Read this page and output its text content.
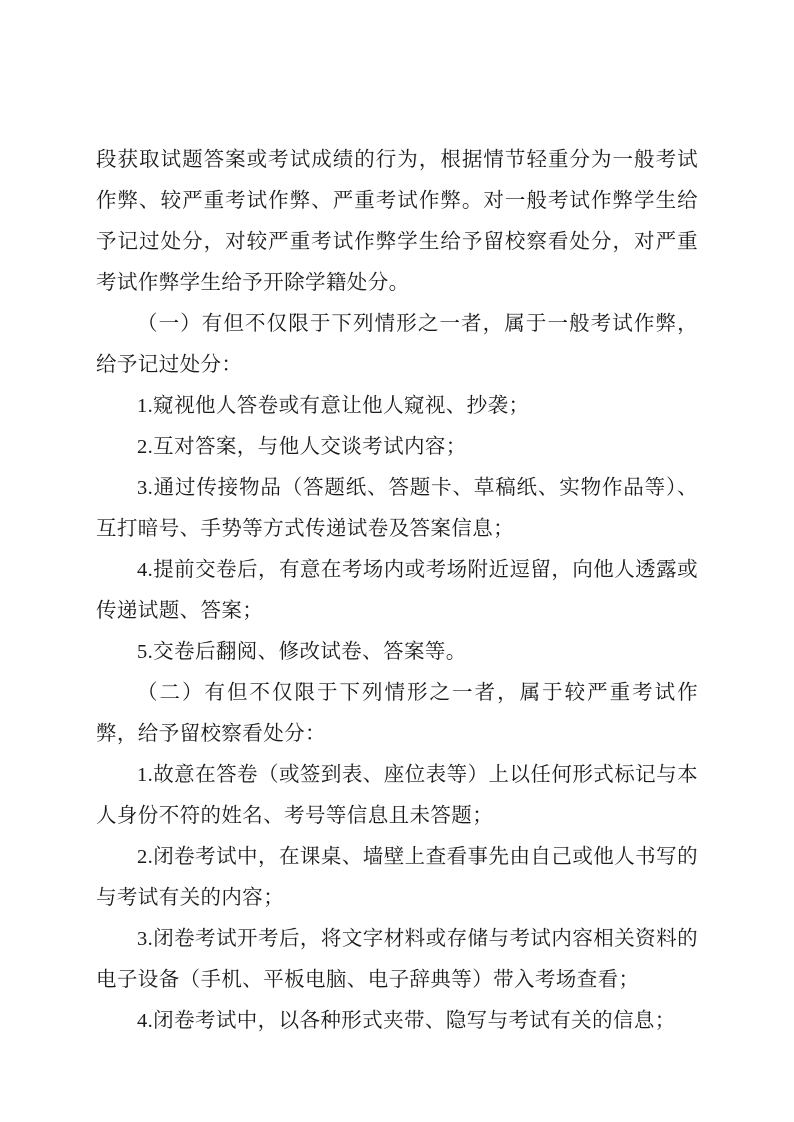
段获取试题答案或考试成绩的行为，根据情节轻重分为一般考试作弊、较严重考试作弊、严重考试作弊。对一般考试作弊学生给予记过处分，对较严重考试作弊学生给予留校察看处分，对严重考试作弊学生给予开除学籍处分。

（一）有但不仅限于下列情形之一者，属于一般考试作弊，给予记过处分：

1.窥视他人答卷或有意让他人窥视、抄袭；

2.互对答案，与他人交谈考试内容；

3.通过传接物品（答题纸、答题卡、草稿纸、实物作品等）、互打暗号、手势等方式传递试卷及答案信息；

4.提前交卷后，有意在考场内或考场附近逗留，向他人透露或传递试题、答案；

5.交卷后翻阅、修改试卷、答案等。

（二）有但不仅限于下列情形之一者，属于较严重考试作弊，给予留校察看处分：

1.故意在答卷（或签到表、座位表等）上以任何形式标记与本人身份不符的姓名、考号等信息且未答题；

2.闭卷考试中，在课桌、墙壁上查看事先由自己或他人书写的与考试有关的内容；

3.闭卷考试开考后，将文字材料或存储与考试内容相关资料的电子设备（手机、平板电脑、电子辞典等）带入考场查看；

4.闭卷考试中，以各种形式夹带、隐写与考试有关的信息；
